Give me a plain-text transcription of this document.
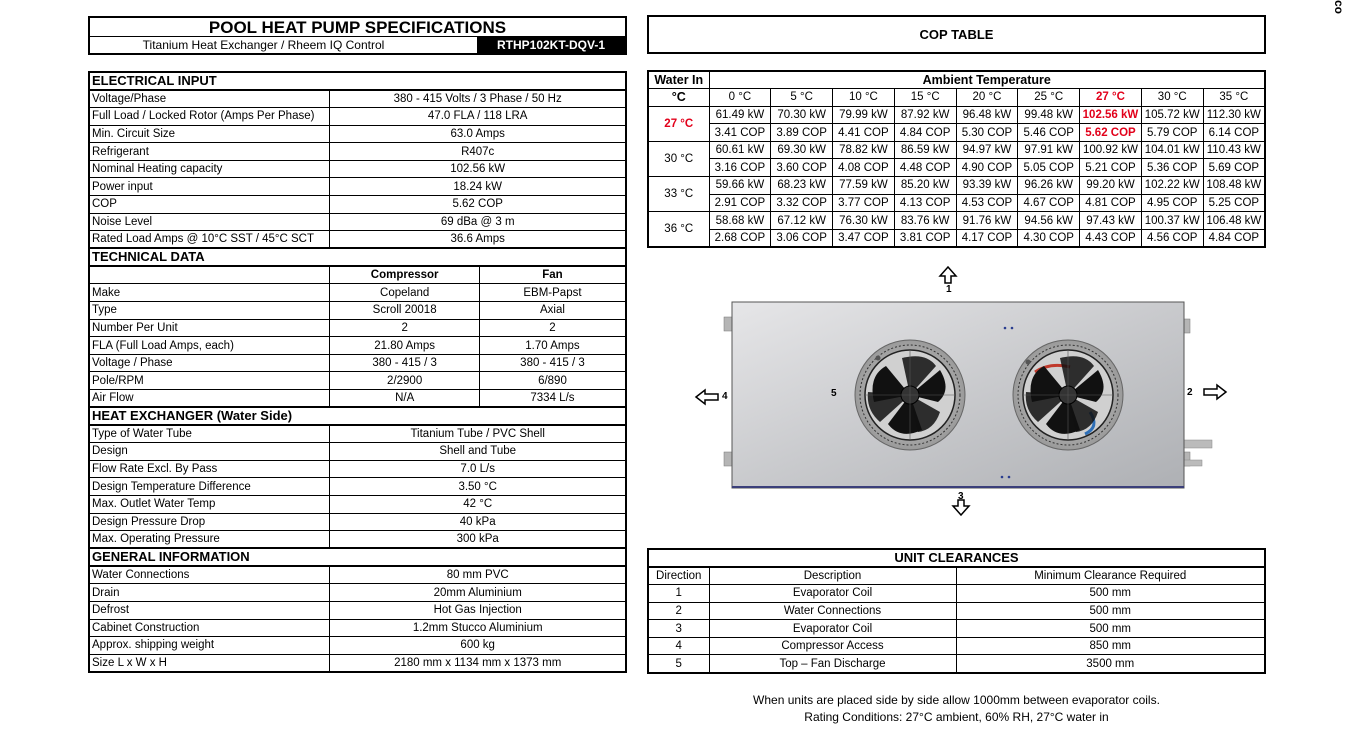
POOL HEAT PUMP SPECIFICATIONS
Titanium Heat Exchanger / Rheem IQ Control	RTHP102KT-DQV-1
co
ELECTRICAL INPUT		
Voltage/Phase	380 - 415 Volts / 3 Phase / 50 Hz	
Full Load / Locked Rotor (Amps Per Phase)	47.0 FLA / 118 LRA	
Min. Circuit Size	63.0 Amps	
Refrigerant	R407c	
Nominal Heating capacity	102.56 kW	
Power input	18.24 kW	
COP	5.62 COP	
Noise Level	69 dBa @ 3 m	
Rated Load Amps @ 10°C SST / 45°C SCT	36.6 Amps	
TECHNICAL DATA		
	Compressor	Fan
Make	Copeland	EBM-Papst
Type	Scroll 20018	Axial
Number Per Unit	2	2
FLA (Full Load Amps, each)	21.80 Amps	1.70 Amps
Voltage / Phase	380 - 415 / 3	380 - 415 / 3
Pole/RPM	2/2900	6/890
Air Flow	N/A	7334 L/s
HEAT EXCHANGER (Water Side)		
Type of Water Tube	Titanium Tube / PVC Shell	
Design	Shell and Tube	
Flow Rate Excl. By Pass	7.0 L/s	
Design Temperature Difference	3.50 °C	
Max. Outlet Water Temp	42 °C	
Design Pressure Drop	40 kPa	
Max. Operating Pressure	300 kPa	
GENERAL INFORMATION		
Water Connections	80 mm PVC	
Drain	20mm Aluminium	
Defrost	Hot Gas Injection	
Cabinet Construction	1.2mm Stucco Aluminium	
Approx. shipping weight	600 kg	
Size L x W x H	2180 mm x 1134 mm x 1373 mm	
COP TABLE
Water In	Ambient Temperature								
°C	0 °C	5 °C	10 °C	15 °C	20 °C	25 °C	27 °C	30 °C	35 °C
27 °C	61.49 kW	70.30 kW	79.99 kW	87.92 kW	96.48 kW	99.48 kW	102.56 kW	105.72 kW	112.30 kW
	3.41 COP	3.89 COP	4.41 COP	4.84 COP	5.30 COP	5.46 COP	5.62 COP	5.79 COP	6.14 COP
30 °C	60.61 kW	69.30 kW	78.82 kW	86.59 kW	94.97 kW	97.91 kW	100.92 kW	104.01 kW	110.43 kW
	3.16 COP	3.60 COP	4.08 COP	4.48 COP	4.90 COP	5.05 COP	5.21 COP	5.36 COP	5.69 COP
33 °C	59.66 kW	68.23 kW	77.59 kW	85.20 kW	93.39 kW	96.26 kW	99.20 kW	102.22 kW	108.48 kW
	2.91 COP	3.32 COP	3.77 COP	4.13 COP	4.53 COP	4.67 COP	4.81 COP	4.95 COP	5.25 COP
36 °C	58.68 kW	67.12 kW	76.30 kW	83.76 kW	91.76 kW	94.56 kW	97.43 kW	100.37 kW	106.48 kW
	2.68 COP	3.06 COP	3.47 COP	3.81 COP	4.17 COP	4.30 COP	4.43 COP	4.56 COP	4.84 COP
1
2
3
4	5
UNIT CLEARANCES		
Direction	Description	Minimum Clearance Required
1	Evaporator Coil	500 mm
2	Water Connections	500 mm
3	Evaporator Coil	500 mm
4	Compressor Access	850 mm
5	Top – Fan Discharge	3500 mm
When units are placed side by side allow 1000mm between evaporator coils.
Rating Conditions: 27°C ambient, 60% RH, 27°C water in
